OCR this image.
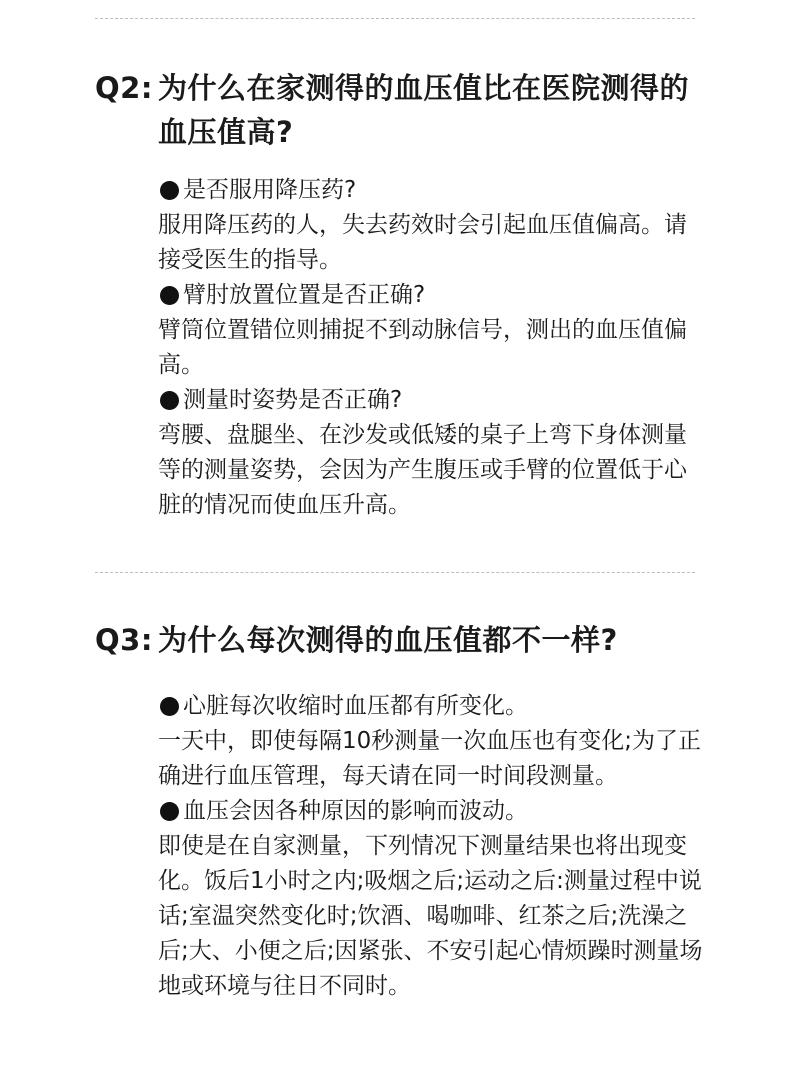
Q2: 为什么在家测得的血压值比在医院测得的血压值高?
是否服用降压药?
服用降压药的人，失去药效时会引起血压值偏高。请接受医生的指导。
臂肘放置位置是否正确?
臂筒位置错位则捕捉不到动脉信号，测出的血压值偏高。
测量时姿势是否正确?
弯腰、盘腿坐、在沙发或低矮的桌子上弯下身体测量等的测量姿势，会因为产生腹压或手臂的位置低于心脏的情况而使血压升高。
Q3: 为什么每次测得的血压值都不一样?
心脏每次收缩时血压都有所变化。
一天中，即使每隔10秒测量一次血压也有变化;为了正确进行血压管理，每天请在同一时间段测量。
血压会因各种原因的影响而波动。
即使是在自家测量，下列情况下测量结果也将出现变化。饭后1小时之内;吸烟之后;运动之后:测量过程中说话;室温突然变化时;饮酒、喝咖啡、红茶之后;洗澡之后;大、小便之后;因紧张、不安引起心情烦躁时测量场地或环境与往日不同时。
